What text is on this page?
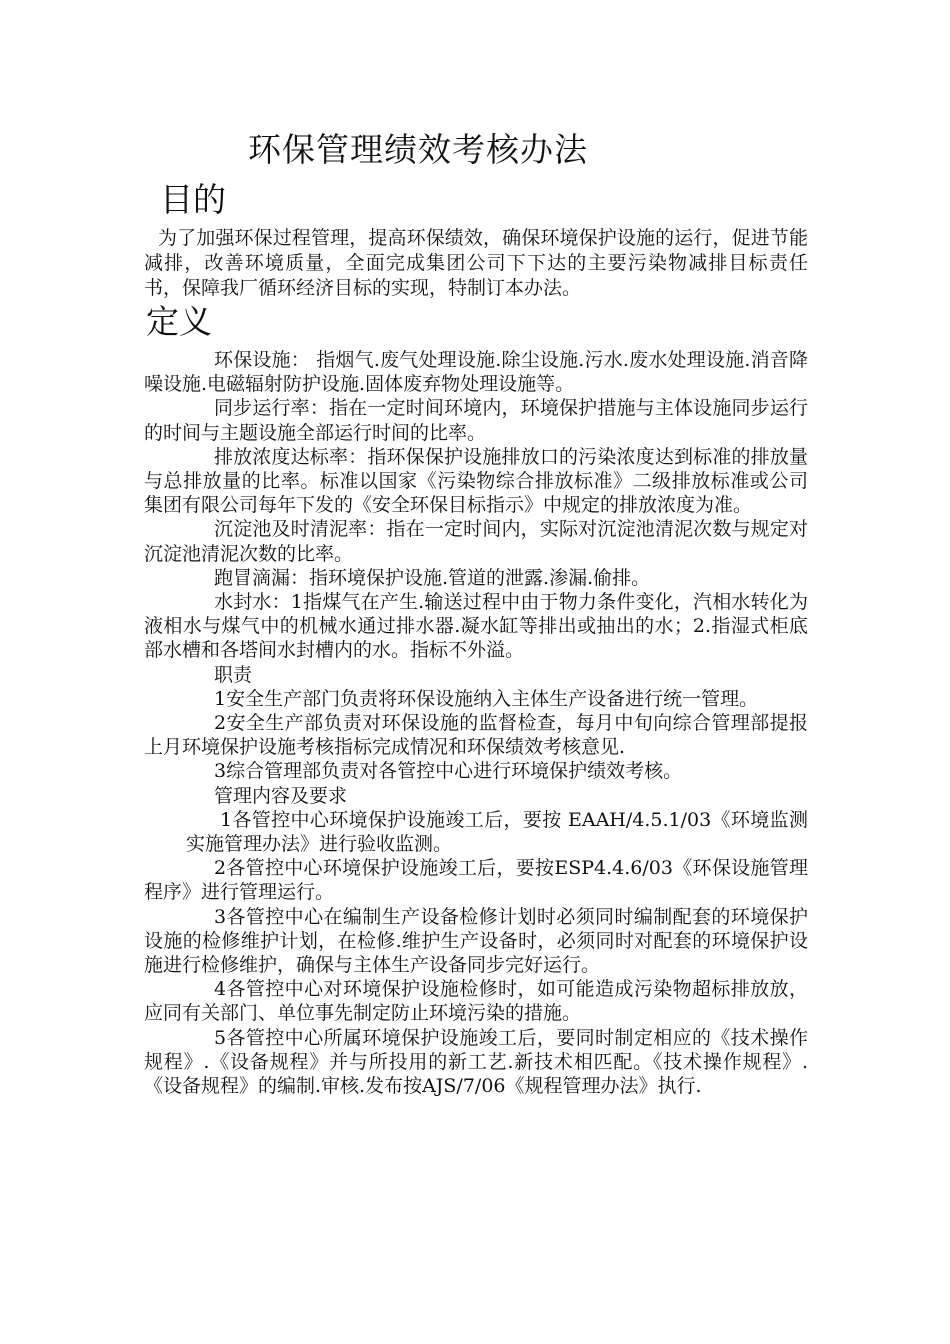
环保管理绩效考核办法
目的

为了加强环保过程管理，提高环保绩效，确保环境保护设施的运行，促进节能减排，改善环境质量，全面完成集团公司下下达的主要污染物减排目标责任书，保障我厂循环经济目标的实现，特制订本办法。

定义

环保设施： 指烟气.废气处理设施.除尘设施.污水.废水处理设施.消音降噪设施.电磁辐射防护设施.固体废弃物处理设施等。

同步运行率：指在一定时间环境内，环境保护措施与主体设施同步运行的时间与主题设施全部运行时间的比率。

排放浓度达标率：指环保保护设施排放口的污染浓度达到标准的排放量与总排放量的比率。标准以国家《污染物综合排放标准》二级排放标准或公司集团有限公司每年下发的《安全环保目标指示》中规定的排放浓度为准。

沉淀池及时清泥率：指在一定时间内，实际对沉淀池清泥次数与规定对沉淀池清泥次数的比率。

跑冒滴漏：指环境保护设施.管道的泄露.渗漏.偷排。

水封水：1指煤气在产生.输送过程中由于物力条件变化，汽相水转化为液相水与煤气中的机械水通过排水器.凝水缸等排出或抽出的水；2.指湿式柜底部水槽和各塔间水封槽内的水。指标不外溢。

职责

1安全生产部门负责将环保设施纳入主体生产设备进行统一管理。

2安全生产部负责对环保设施的监督检查，每月中旬向综合管理部提报上月环境保护设施考核指标完成情况和环保绩效考核意见.

3综合管理部负责对各管控中心进行环境保护绩效考核。

管理内容及要求

1各管控中心环境保护设施竣工后，要按 EAAH/4.5.1/03《环境监测实施管理办法》进行验收监测。

2各管控中心环境保护设施竣工后，要按ESP4.4.6/03《环保设施管理程序》进行管理运行。

3各管控中心在编制生产设备检修计划时必须同时编制配套的环境保护设施的检修维护计划，在检修.维护生产设备时，必须同时对配套的环境保护设施进行检修维护，确保与主体生产设备同步完好运行。

4各管控中心对环境保护设施检修时，如可能造成污染物超标排放放，应同有关部门、单位事先制定防止环境污染的措施。

5各管控中心所属环境保护设施竣工后，要同时制定相应的《技术操作规程》.《设备规程》并与所投用的新工艺.新技术相匹配。《技术操作规程》.《设备规程》的编制.审核.发布按AJS/7/06《规程管理办法》执行.
